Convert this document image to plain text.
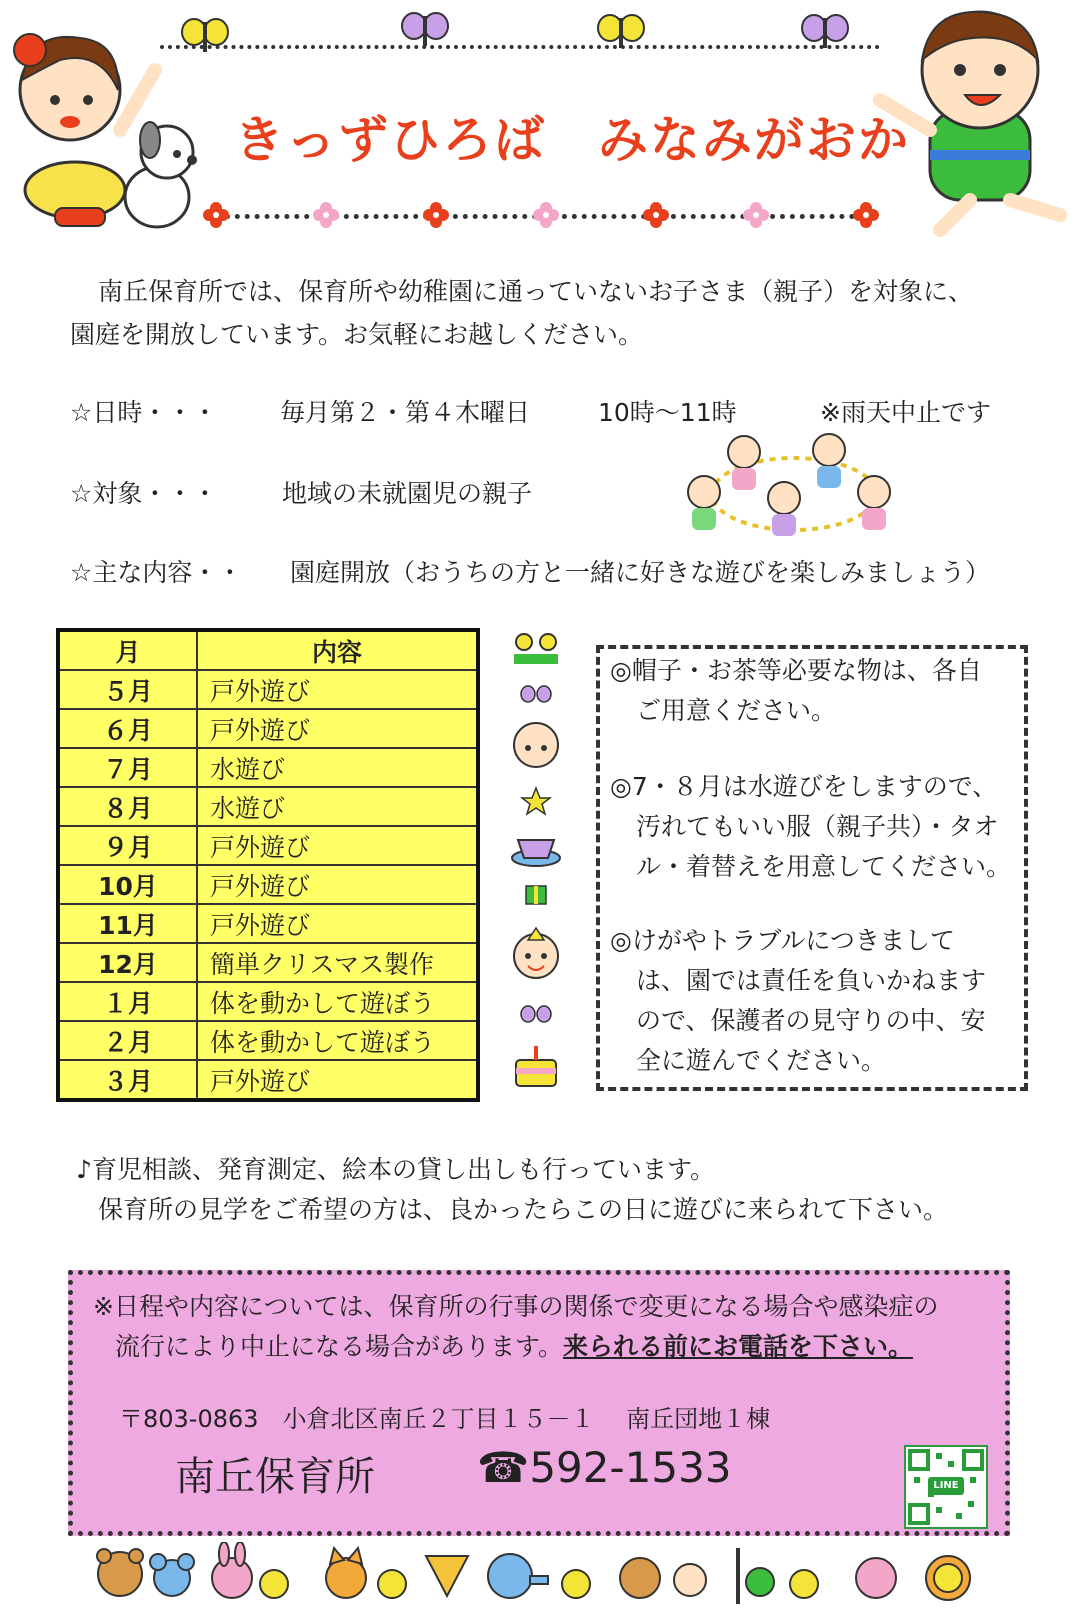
きっずひろば　みなみがおか
南丘保育所では、保育所や幼稚園に通っていないお子さま（親子）を対象に、
園庭を開放しています。お気軽にお越しください。
☆日時・・・	毎月第２・第４木曜日	10時～11時	※雨天中止です
☆対象・・・	地域の未就園児の親子
☆主な内容・・ 園庭開放（おうちの方と一緒に好きな遊びを楽しみましょう）
月	内容
５月	戸外遊び
６月	戸外遊び
７月	水遊び
８月	水遊び
９月	戸外遊び
10月	戸外遊び
11月	戸外遊び
12月	簡単クリスマス製作
１月	体を動かして遊ぼう
２月	体を動かして遊ぼう
３月	戸外遊び
◎帽子・お茶等必要な物は、各自
ご用意ください。
◎7・８月は水遊びをしますので、
汚れてもいい服（親子共）・タオ
ル・着替えを用意してください。
◎けがやトラブルにつきまして
は、園では責任を負いかねます
ので、保護者の見守りの中、安
全に遊んでください。
♪育児相談、発育測定、絵本の貸し出しも行っています。
保育所の見学をご希望の方は、良かったらこの日に遊びに来られて下さい。
※日程や内容については、保育所の行事の関係で変更になる場合や感染症の
流行により中止になる場合があります。来られる前にお電話を下さい。
〒803-0863　小倉北区南丘２丁目１５－１　 南丘団地１棟
南丘保育所 ☎592-1533	LINE
